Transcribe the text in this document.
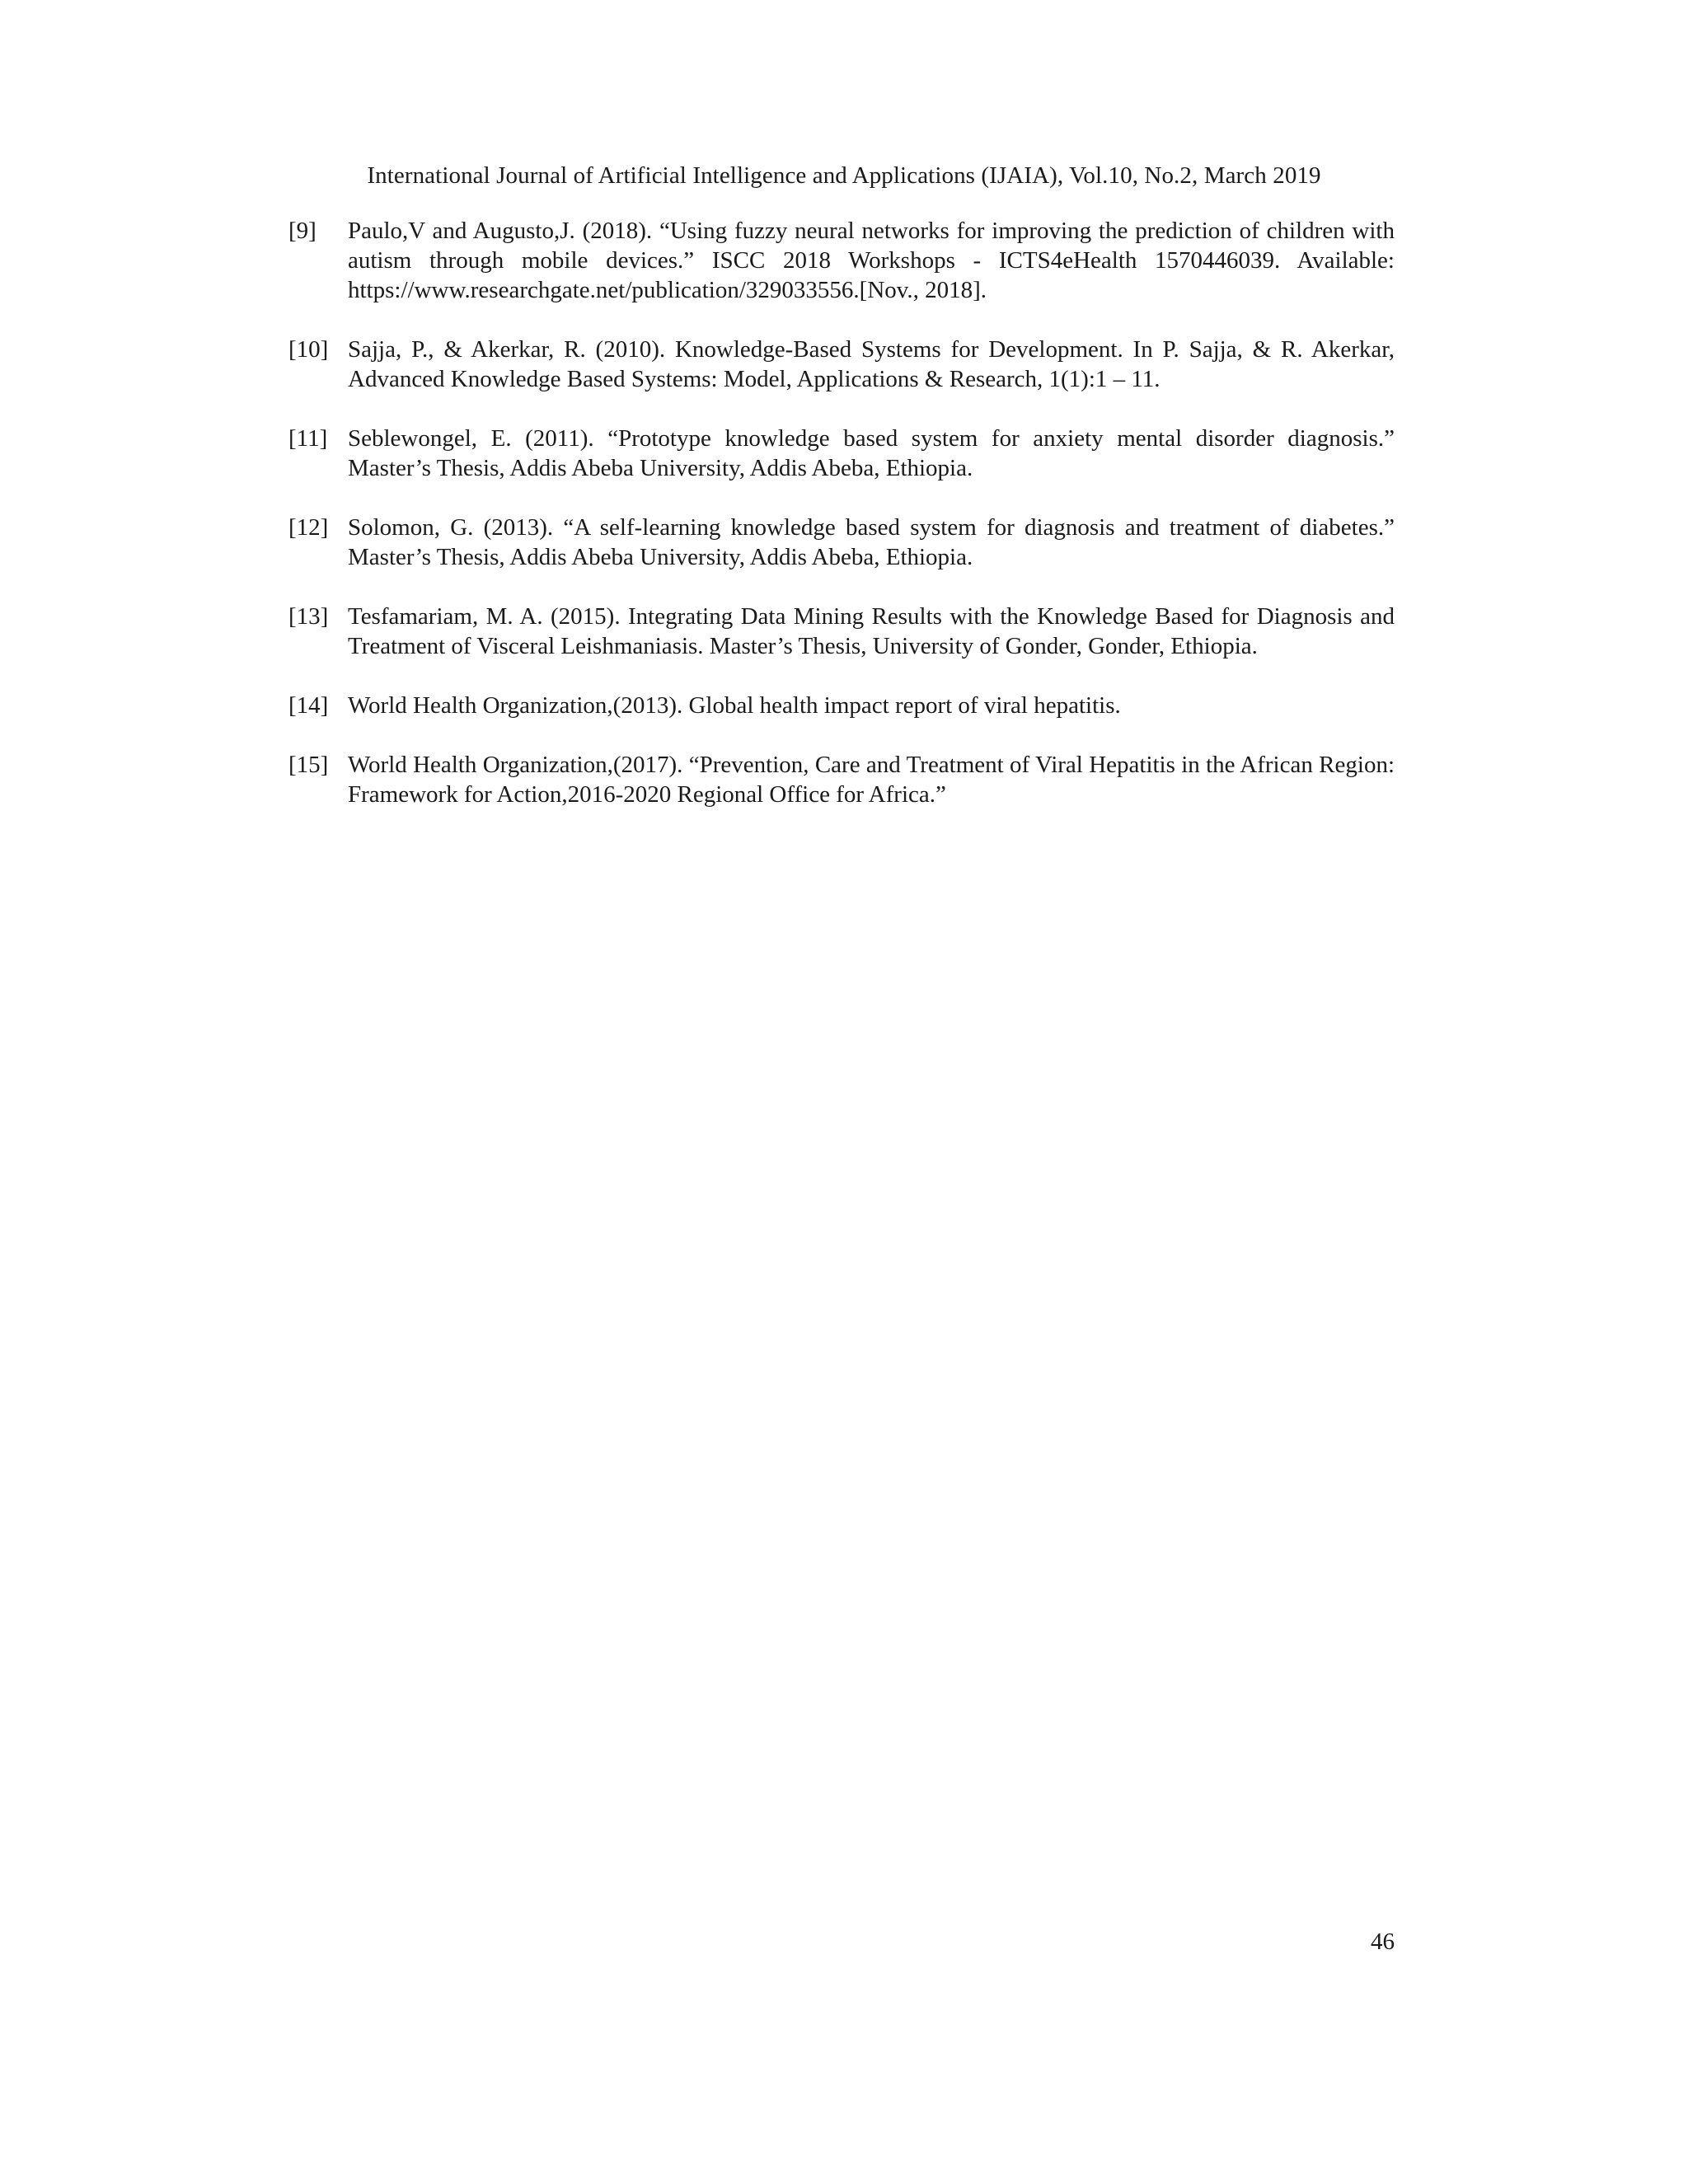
International Journal of Artificial Intelligence and Applications (IJAIA), Vol.10, No.2, March 2019
[9]	Paulo,V and Augusto,J. (2018). “Using fuzzy neural networks for improving the prediction of children with autism through mobile devices.” ISCC 2018 Workshops - ICTS4eHealth 1570446039. Available: https://www.researchgate.net/publication/329033556.[Nov., 2018].
[10] Sajja, P., & Akerkar, R. (2010). Knowledge-Based Systems for Development. In P. Sajja, & R. Akerkar, Advanced Knowledge Based Systems: Model, Applications & Research, 1(1):1 – 11.
[11] Seblewongel, E. (2011). “Prototype knowledge based system for anxiety mental disorder diagnosis.” Master’s Thesis, Addis Abeba University, Addis Abeba, Ethiopia.
[12] Solomon, G. (2013). “A self-learning knowledge based system for diagnosis and treatment of diabetes.” Master’s Thesis, Addis Abeba University, Addis Abeba, Ethiopia.
[13] Tesfamariam, M. A. (2015). Integrating Data Mining Results with the Knowledge Based for Diagnosis and Treatment of Visceral Leishmaniasis. Master’s Thesis, University of Gonder, Gonder, Ethiopia.
[14] World Health Organization,(2013). Global health impact report of viral hepatitis.
[15] World Health Organization,(2017). “Prevention, Care and Treatment of Viral Hepatitis in the African Region: Framework for Action,2016-2020 Regional Office for Africa.”
46
